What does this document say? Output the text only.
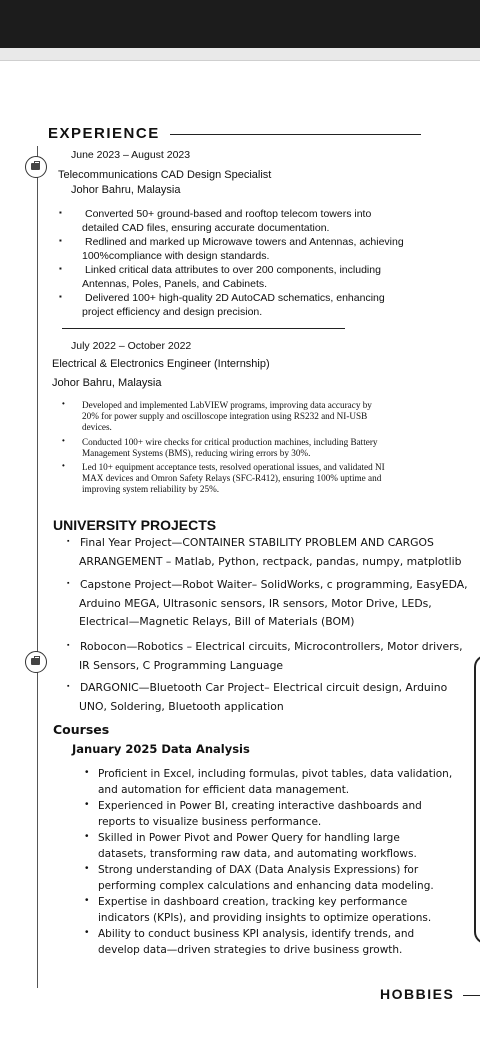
EXPERIENCE
June 2023 – August 2023
Telecommunications CAD Design Specialist
Johor Bahru, Malaysia
▪ Converted 50+ ground-based and rooftop telecom towers into
detailed CAD files, ensuring accurate documentation.
▪ Redlined and marked up Microwave towers and Antennas, achieving
100%compliance with design standards.
▪ Linked critical data attributes to over 200 components, including
Antennas, Poles, Panels, and Cabinets.
▪ Delivered 100+ high-quality 2D AutoCAD schematics, enhancing
project efficiency and design precision.
July 2022 – October 2022
Electrical & Electronics Engineer (Internship)
Johor Bahru, Malaysia
• Developed and implemented LabVIEW programs, improving data accuracy by
20% for power supply and oscilloscope integration using RS232 and NI-USB
devices.
• Conducted 100+ wire checks for critical production machines, including Battery
Management Systems (BMS), reducing wiring errors by 30%.
• Led 10+ equipment acceptance tests, resolved operational issues, and validated NI
MAX devices and Omron Safety Relays (SFC-R412), ensuring 100% uptime and
improving system reliability by 25%.
UNIVERSITY PROJECTS
▪ Final Year Project—CONTAINER STABILITY PROBLEM AND CARGOS
ARRANGEMENT – Matlab, Python, rectpack, pandas, numpy, matplotlib
▪ Capstone Project—Robot Waiter– SolidWorks, c programming, EasyEDA,
Arduino MEGA, Ultrasonic sensors, IR sensors, Motor Drive, LEDs,
Electrical—Magnetic Relays, Bill of Materials (BOM)
▪ Robocon—Robotics – Electrical circuits, Microcontrollers, Motor drivers,
IR Sensors, C Programming Language
▪ DARGONIC—Bluetooth Car Project– Electrical circuit design, Arduino
UNO, Soldering, Bluetooth application
Courses
January 2025 Data Analysis
• Proficient in Excel, including formulas, pivot tables, data validation,
and automation for efficient data management.
• Experienced in Power BI, creating interactive dashboards and
reports to visualize business performance.
• Skilled in Power Pivot and Power Query for handling large
datasets, transforming raw data, and automating workflows.
• Strong understanding of DAX (Data Analysis Expressions) for
performing complex calculations and enhancing data modeling.
• Expertise in dashboard creation, tracking key performance
indicators (KPIs), and providing insights to optimize operations.
• Ability to conduct business KPI analysis, identify trends, and
develop data—driven strategies to drive business growth.
HOBBIES
